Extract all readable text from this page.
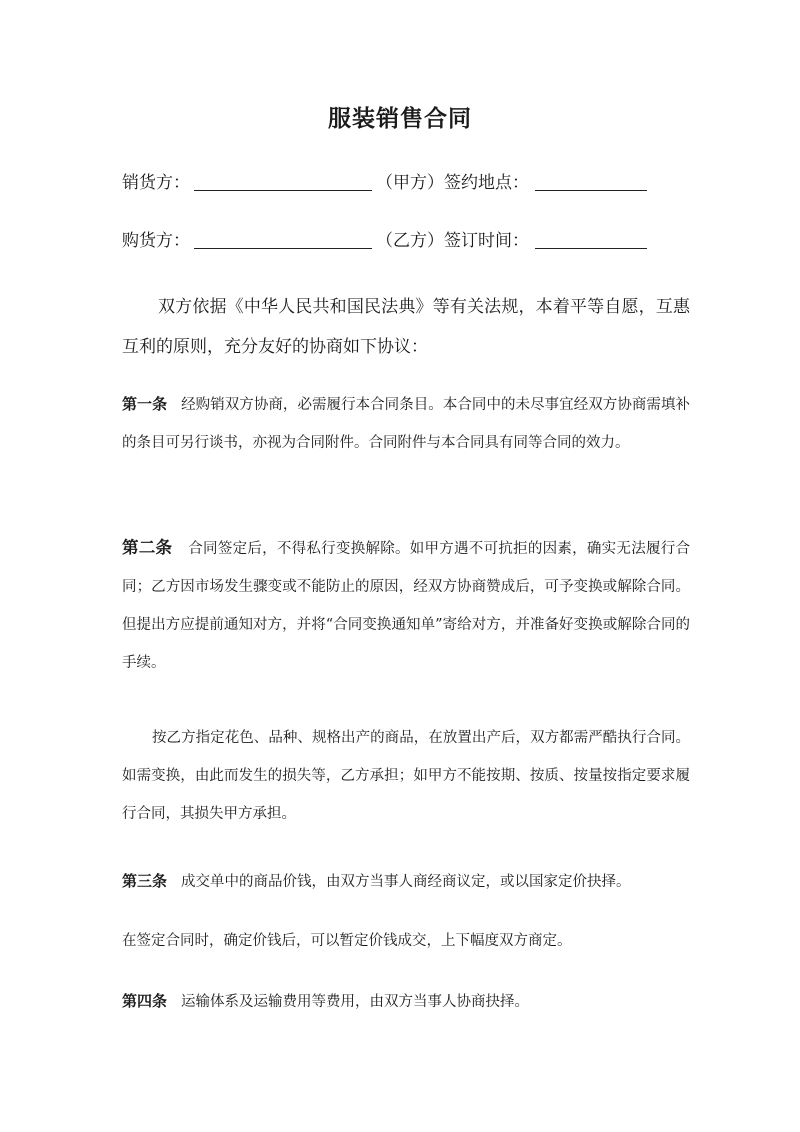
服装销售合同
销货方：	（甲方）签约地点：
购货方：	（乙方）签订时间：
双方依据《中华人民共和国民法典》等有关法规，本着平等自愿，互惠互利的原则，充分友好的协商如下协议：
第一条 经购销双方协商，必需履行本合同条目。本合同中的未尽事宜经双方协商需填补的条目可另行谈书，亦视为合同附件。合同附件与本合同具有同等合同的效力。
第二条 合同签定后，不得私行变换解除。如甲方遇不可抗拒的因素，确实无法履行合同；乙方因市场发生骤变或不能防止的原因，经双方协商赞成后，可予变换或解除合同。但提出方应提前通知对方，并将“合同变换通知单”寄给对方，并准备好变换或解除合同的手续。
按乙方指定花色、品种、规格出产的商品，在放置出产后，双方都需严酷执行合同。如需变换，由此而发生的损失等，乙方承担；如甲方不能按期、按质、按量按指定要求履行合同，其损失甲方承担。
第三条 成交单中的商品价钱，由双方当事人商经商议定，或以国家定价抉择。
在签定合同时，确定价钱后，可以暂定价钱成交，上下幅度双方商定。
第四条 运输体系及运输费用等费用，由双方当事人协商抉择。
